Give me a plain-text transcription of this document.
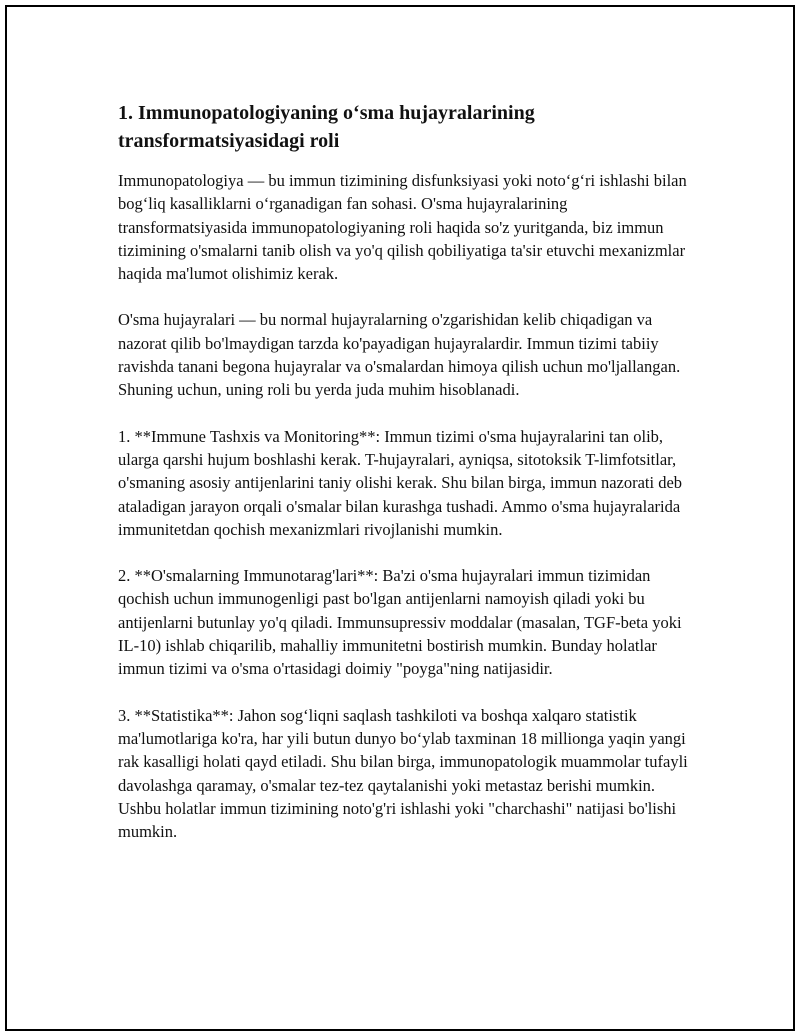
1. Immunopatologiyaning o‘sma hujayralarining transformatsiyasidagi roli

Immunopatologiya — bu immun tizimining disfunksiyasi yoki noto‘g‘ri ishlashi bilan bog‘liq kasalliklarni o‘rganadigan fan sohasi. O'sma hujayralarining transformatsiyasida immunopatologiyaning roli haqida so'z yuritganda, biz immun tizimining o'smalarni tanib olish va yo'q qilish qobiliyatiga ta'sir etuvchi mexanizmlar haqida ma'lumot olishimiz kerak.

O'sma hujayralari — bu normal hujayralarning o'zgarishidan kelib chiqadigan va nazorat qilib bo'lmaydigan tarzda ko'payadigan hujayralardir. Immun tizimi tabiiy ravishda tanani begona hujayralar va o'smalardan himoya qilish uchun mo'ljallangan. Shuning uchun, uning roli bu yerda juda muhim hisoblanadi.

1. **Immune Tashxis va Monitoring**: Immun tizimi o'sma hujayralarini tan olib, ularga qarshi hujum boshlashi kerak. T-hujayralari, ayniqsa, sitotoksik T-limfotsitlar, o'smaning asosiy antijenlarini taniy olishi kerak. Shu bilan birga, immun nazorati deb ataladigan jarayon orqali o'smalar bilan kurashga tushadi. Ammo o'sma hujayralarida immunitetdan qochish mexanizmlari rivojlanishi mumkin.

2. **O'smalarning Immunotarag'lari**: Ba'zi o'sma hujayralari immun tizimidan qochish uchun immunogenligi past bo'lgan antijenlarni namoyish qiladi yoki bu antijenlarni butunlay yo'q qiladi. Immunsupressiv moddalar (masalan, TGF-beta yoki IL-10) ishlab chiqarilib, mahalliy immunitetni bostirish mumkin. Bunday holatlar immun tizimi va o'sma o'rtasidagi doimiy "poyga"ning natijasidir.

3. **Statistika**: Jahon sog‘liqni saqlash tashkiloti va boshqa xalqaro statistik ma'lumotlariga ko'ra, har yili butun dunyo bo‘ylab taxminan 18 millionga yaqin yangi rak kasalligi holati qayd etiladi. Shu bilan birga, immunopatologik muammolar tufayli davolashga qaramay, o'smalar tez-tez qaytalanishi yoki metastaz berishi mumkin. Ushbu holatlar immun tizimining noto'g'ri ishlashi yoki "charchashi" natijasi bo'lishi mumkin.
